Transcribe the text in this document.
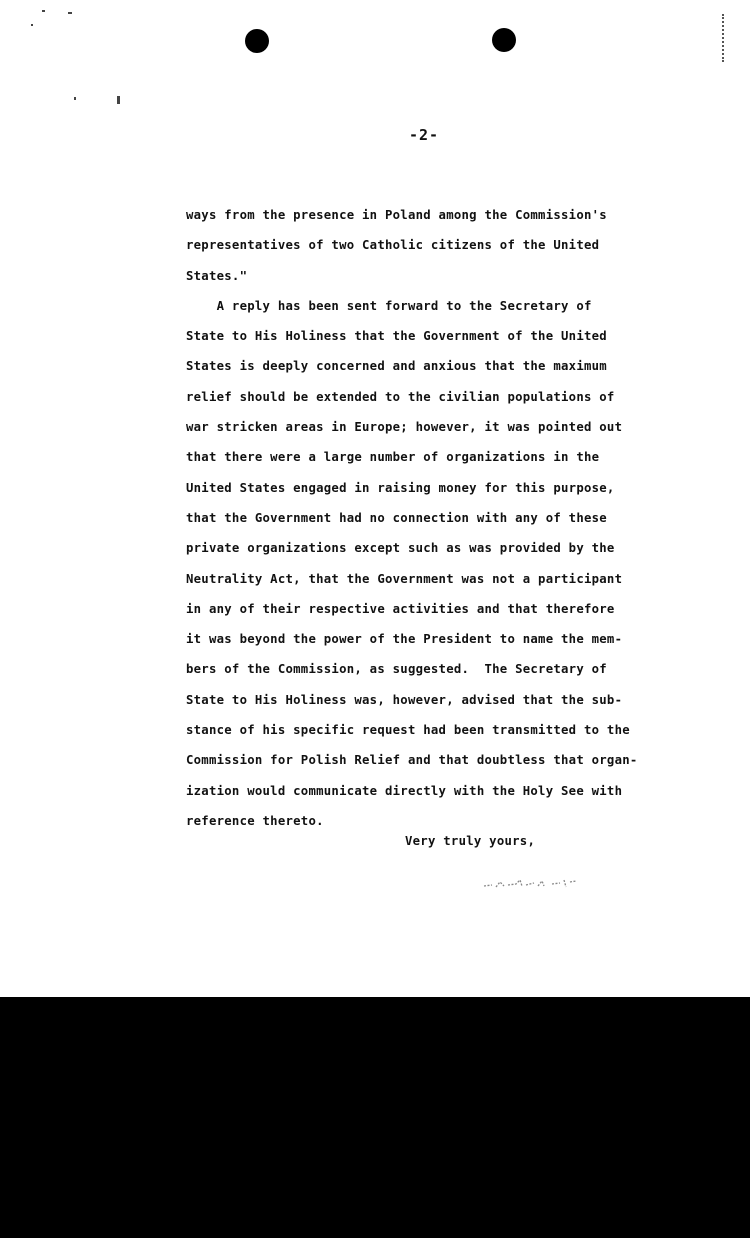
-2-
ways from the presence in Poland among the Commission's
representatives of two Catholic citizens of the United
States."
A reply has been sent forward to the Secretary of
State to His Holiness that the Government of the United
States is deeply concerned and anxious that the maximum
relief should be extended to the civilian populations of
war stricken areas in Europe; however, it was pointed out
that there were a large number of organizations in the
United States engaged in raising money for this purpose,
that the Government had no connection with any of these
private organizations except such as was provided by the
Neutrality Act, that the Government was not a participant
in any of their respective activities and that therefore
it was beyond the power of the President to name the mem-
bers of the Commission, as suggested.  The Secretary of
State to His Holiness was, however, advised that the sub-
stance of his specific request had been transmitted to the
Commission for Polish Relief and that doubtless that organ-
ization would communicate directly with the Holy See with
reference thereto.
Very truly yours,
